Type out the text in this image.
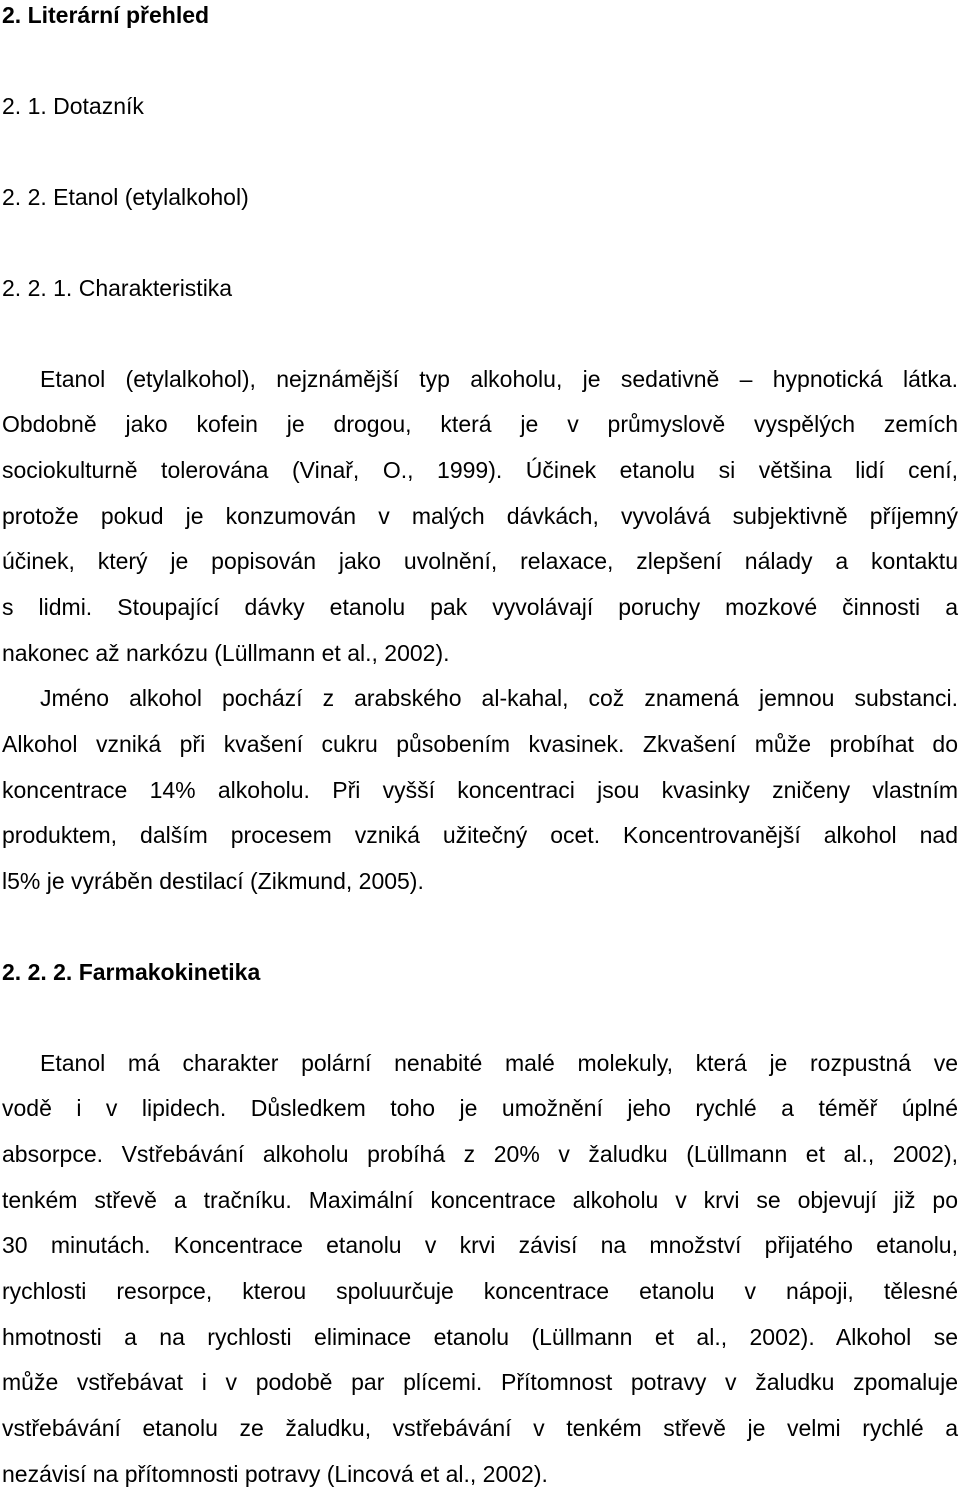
2. Literární přehled
2. 1. Dotazník
2. 2. Etanol (etylalkohol)
2. 2. 1. Charakteristika
Etanol (etylalkohol), nejznámější typ alkoholu, je sedativně – hypnotická látka.
Obdobně jako kofein je drogou, která je v průmyslově vyspělých zemích
sociokulturně tolerována (Vinař, O., 1999). Účinek etanolu si většina lidí cení,
protože pokud je konzumován v malých dávkách, vyvolává subjektivně příjemný
účinek, který je popisován jako uvolnění, relaxace, zlepšení nálady a kontaktu
s lidmi. Stoupající dávky etanolu pak vyvolávají poruchy mozkové činnosti a
nakonec až narkózu (Lüllmann et al., 2002).
Jméno alkohol pochází z arabského al-kahal, což znamená jemnou substanci.
Alkohol vzniká při kvašení cukru působením kvasinek. Zkvašení může probíhat do
koncentrace 14% alkoholu. Při vyšší koncentraci jsou kvasinky zničeny vlastním
produktem, dalším procesem vzniká užitečný ocet. Koncentrovanější alkohol nad
l5% je vyráběn destilací (Zikmund, 2005).
2. 2. 2. Farmakokinetika
Etanol má charakter polární nenabité malé molekuly, která je rozpustná ve
vodě i v lipidech. Důsledkem toho je umožnění jeho rychlé a téměř úplné
absorpce. Vstřebávání alkoholu probíhá z 20% v žaludku (Lüllmann et al., 2002),
tenkém střevě a tračníku. Maximální koncentrace alkoholu v krvi se objevují již po
30 minutách. Koncentrace etanolu v krvi závisí na množství přijatého etanolu,
rychlosti resorpce, kterou spoluurčuje koncentrace etanolu v nápoji, tělesné
hmotnosti a na rychlosti eliminace etanolu (Lüllmann et al., 2002). Alkohol se
může vstřebávat i v podobě par plícemi. Přítomnost potravy v žaludku zpomaluje
vstřebávání etanolu ze žaludku, vstřebávání v tenkém střevě je velmi rychlé a
nezávisí na přítomnosti potravy (Lincová et al., 2002).
